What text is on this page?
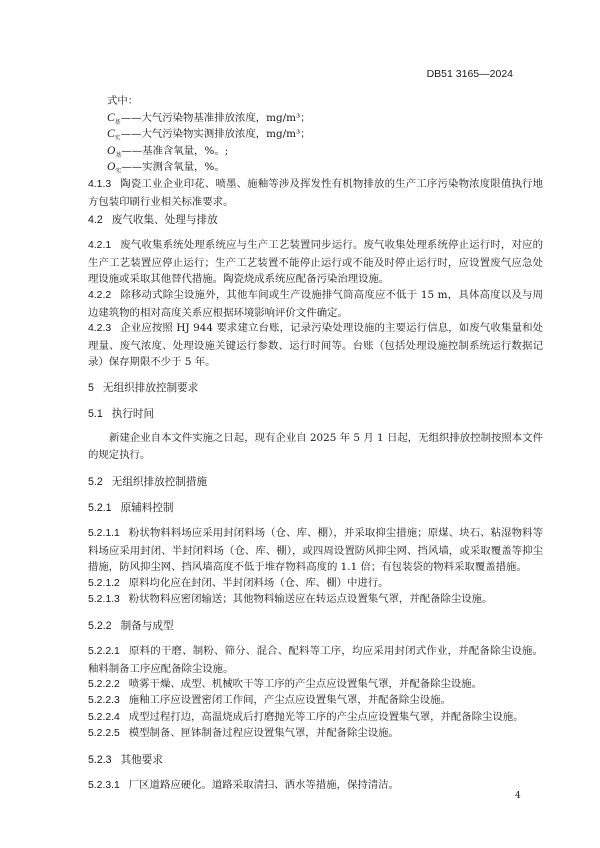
DB51 3165—2024
式中：
$C_基——$大气污染物基准排放浓度，mg/m³；
$C_实——$大气污染物实测排放浓度，mg/m³；
$O_基——$基准含氧量，%。;
$O_实——$实测含氧量，%。
4.1.3 陶瓷工业企业印花、喷墨、施釉等涉及挥发性有机物排放的生产工序污染物浓度限值执行地方包装印刷行业相关标准要求。
4.2 废气收集、处理与排放
4.2.1 废气收集系统处理系统应与生产工艺装置同步运行。废气收集处理系统停止运行时，对应的生产工艺装置应停止运行；生产工艺装置不能停止运行或不能及时停止运行时，应设置废气应急处理设施或采取其他替代措施。陶瓷烧成系统应配备污染治理设施。
4.2.2 除移动式除尘设施外，其他车间或生产设施排气筒高度应不低于 15 m，具体高度以及与周边建筑物的相对高度关系应根据环境影响评价文件确定。
4.2.3 企业应按照 HJ 944 要求建立台账，记录污染处理设施的主要运行信息，如废气收集量和处理量、废气浓度、处理设施关键运行参数、运行时间等。台账（包括处理设施控制系统运行数据记录）保存期限不少于 5 年。
5 无组织排放控制要求
5.1 执行时间
新建企业自本文件实施之日起，现有企业自 2025 年 5 月 1 日起，无组织排放控制按照本文件的规定执行。
5.2 无组织排放控制措施
5.2.1 原辅料控制
5.2.1.1 粉状物料料场应采用封闭料场（仓、库、棚），并采取抑尘措施；原煤、块石、粘湿物料等料场应采用封闭、半封闭料场（仓、库、棚），或四周设置防风抑尘网、挡风墙，或采取覆盖等抑尘措施，防风抑尘网、挡风墙高度不低于堆存物料高度的 1.1 倍；有包装袋的物料采取覆盖措施。
5.2.1.2 原料均化应在封闭、半封闭料场（仓、库、棚）中进行。
5.2.1.3 粉状物料应密闭输送；其他物料输送应在转运点设置集气罩，并配备除尘设施。
5.2.2 制备与成型
5.2.2.1 原料的干磨、制粉、筛分、混合、配料等工序，均应采用封闭式作业，并配备除尘设施。釉料制备工序应配备除尘设施。
5.2.2.2 喷雾干燥、成型、机械吹干等工序的产尘点应设置集气罩，并配备除尘设施。
5.2.2.3 施釉工序应设置密闭工作间，产尘点应设置集气罩，并配备除尘设施。
5.2.2.4 成型过程打边，高温烧成后打磨抛光等工序的产尘点应设置集气罩，并配备除尘设施。
5.2.2.5 模型制备、匣钵制备过程应设置集气罩，并配备除尘设施。
5.2.3 其他要求
5.2.3.1 厂区道路应硬化。道路采取清扫、洒水等措施，保持清洁。
4
